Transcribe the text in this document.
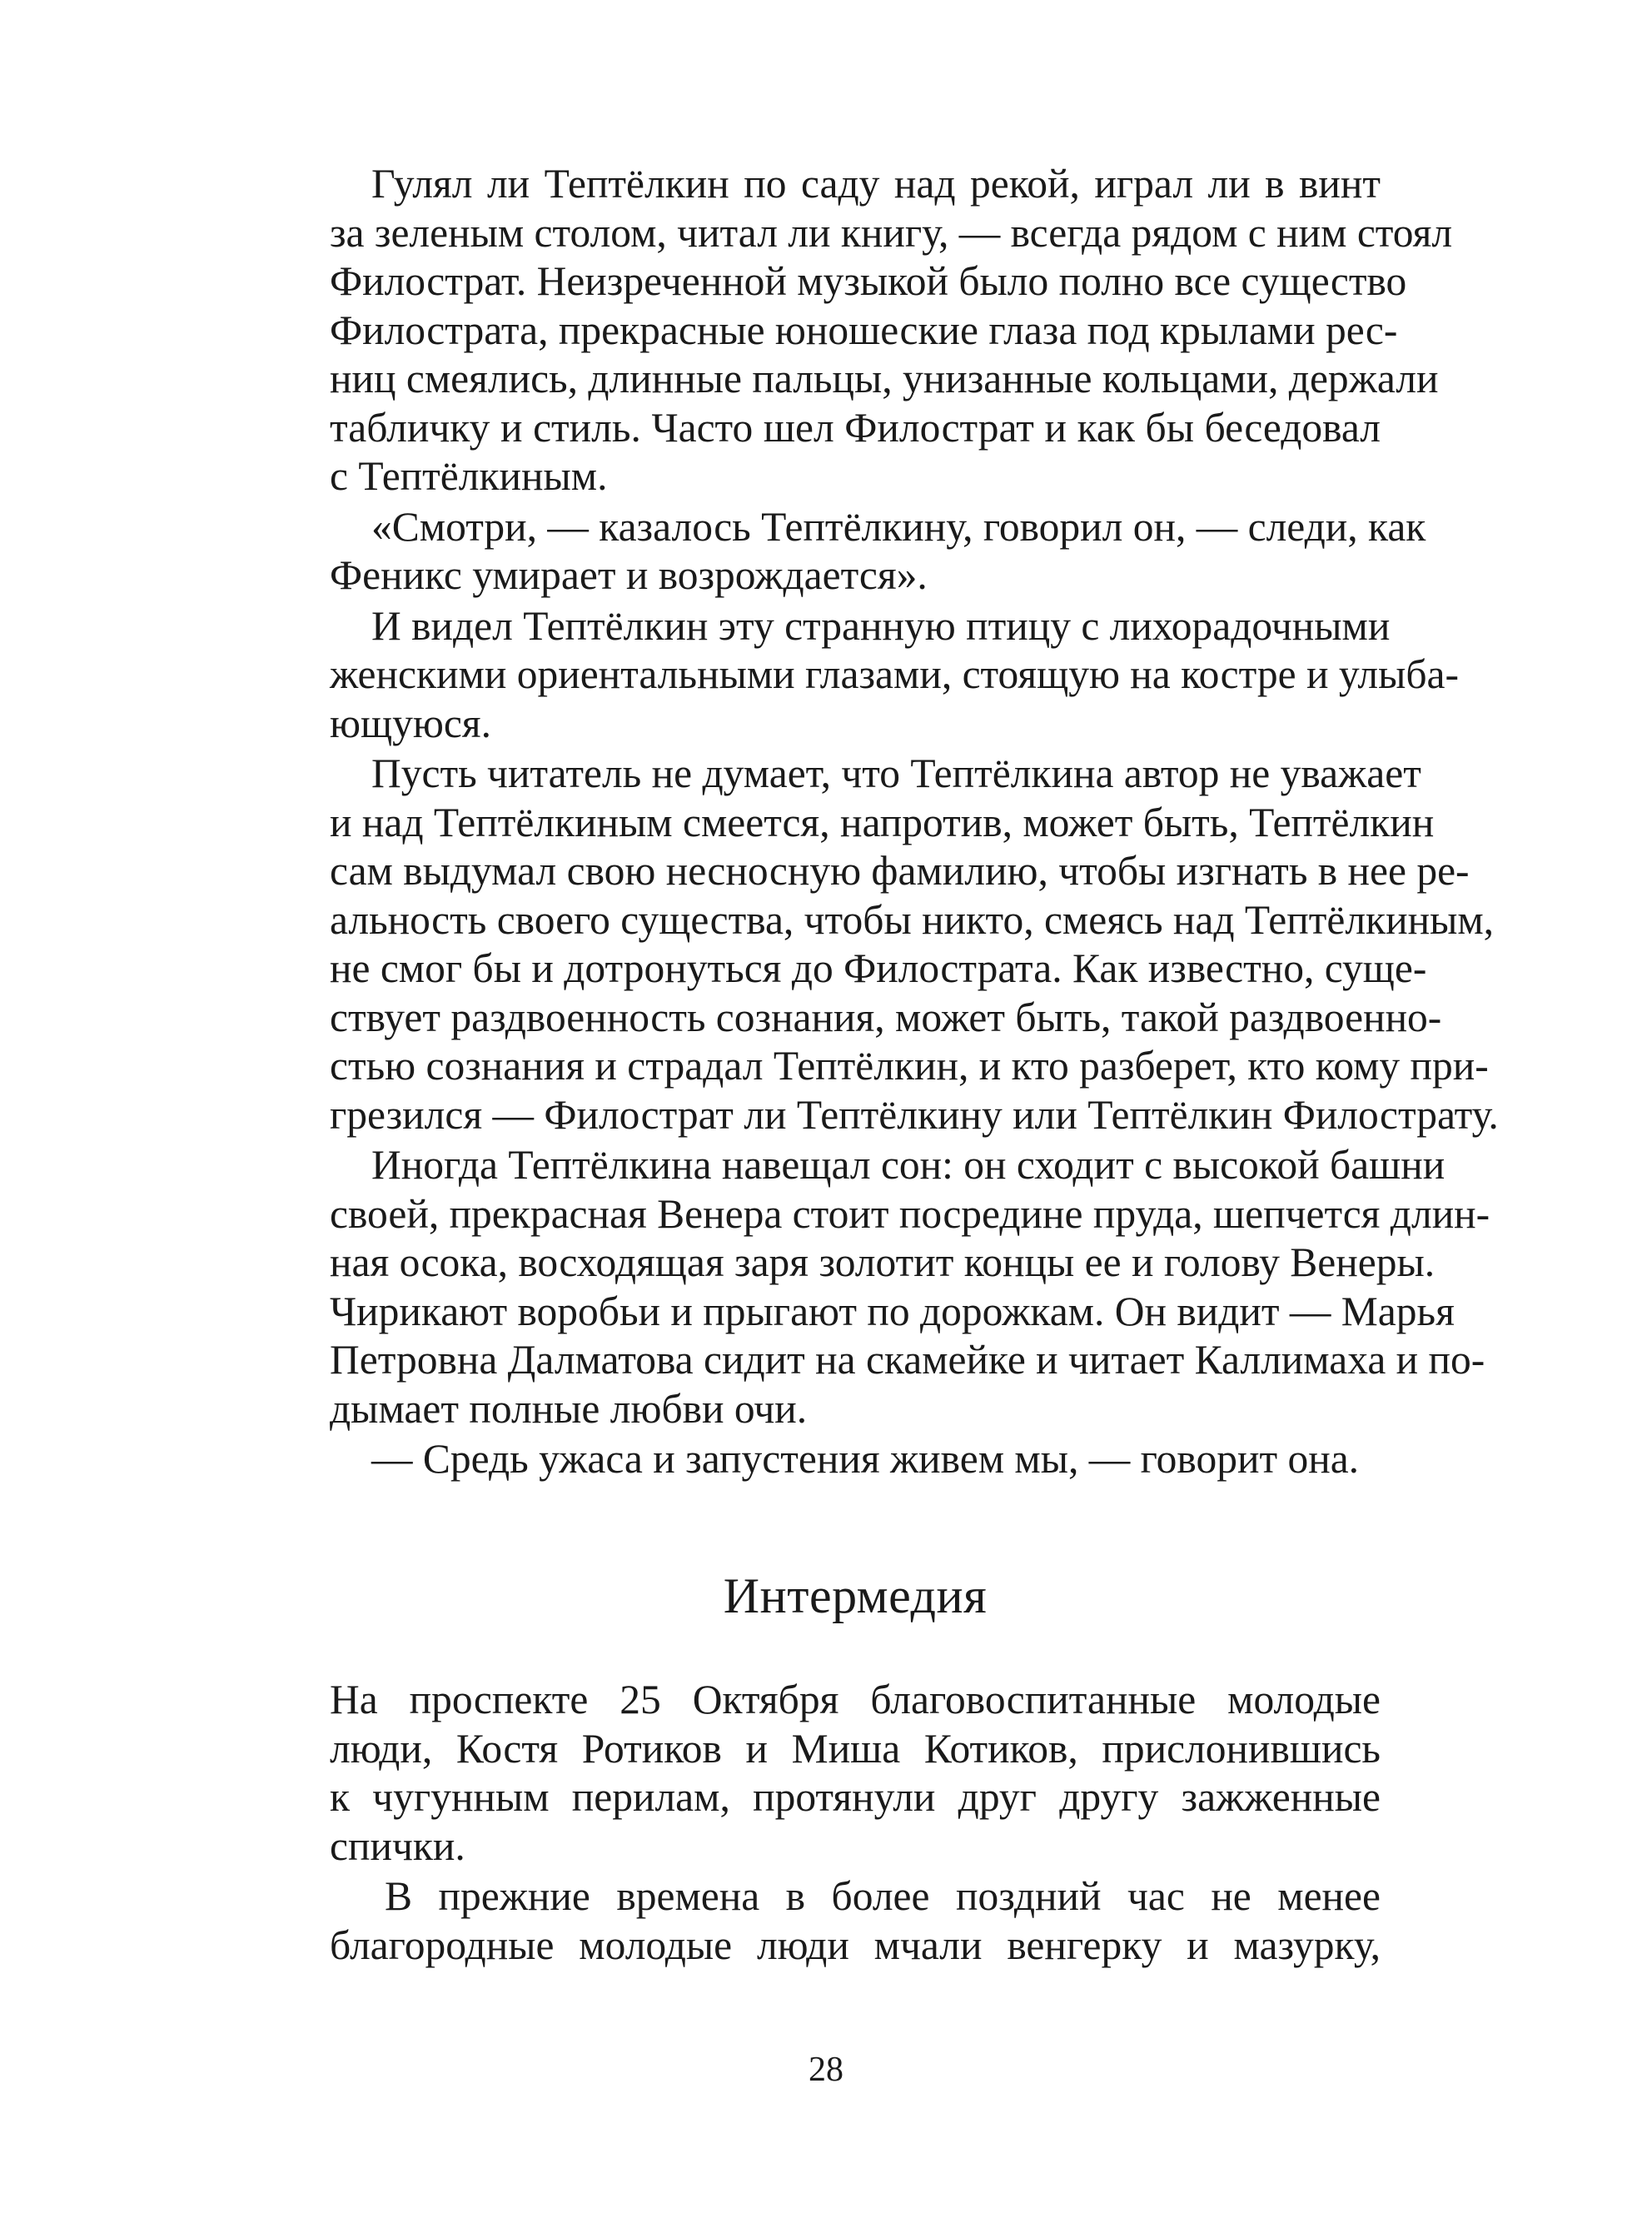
Гулял ли Тептёлкин по саду над рекой, играл ли в винт
за зеленым столом, читал ли книгу, — всегда рядом с ним стоял
Филострат. Неизреченной музыкой было полно все существо
Филострата, прекрасные юношеские глаза под крылами рес-
ниц смеялись, длинные пальцы, унизанные кольцами, держали
табличку и стиль. Часто шел Филострат и как бы беседовал
с Тептёлкиным.
«Смотри, — казалось Тептёлкину, говорил он, — следи, как
Феникс умирает и возрождается».
И видел Тептёлкин эту странную птицу с лихорадочными
женскими ориентальными глазами, стоящую на костре и улыба-
ющуюся.
Пусть читатель не думает, что Тептёлкина автор не уважает
и над Тептёлкиным смеется, напротив, может быть, Тептёлкин
сам выдумал свою несносную фамилию, чтобы изгнать в нее ре-
альность своего существа, чтобы никто, смеясь над Тептёлкиным,
не смог бы и дотронуться до Филострата. Как известно, суще-
ствует раздвоенность сознания, может быть, такой раздвоенно-
стью сознания и страдал Тептёлкин, и кто разберет, кто кому при-
грезился — Филострат ли Тептёлкину или Тептёлкин Филострату.
Иногда Тептёлкина навещал сон: он сходит с высокой башни
своей, прекрасная Венера стоит посредине пруда, шепчется длин-
ная осока, восходящая заря золотит концы ее и голову Венеры.
Чирикают воробьи и прыгают по дорожкам. Он видит — Марья
Петровна Далматова сидит на скамейке и читает Каллимаха и по-
дымает полные любви очи.
— Средь ужаса и запустения живем мы, — говорит она.
Интермедия
На проспекте 25 Октября благовоспитанные молодые
люди, Костя Ротиков и Миша Котиков, прислонившись
к чугунным перилам, протянули друг другу зажженные
спички.
В прежние времена в более поздний час не менее
благородные молодые люди мчали венгерку и мазурку,
28
